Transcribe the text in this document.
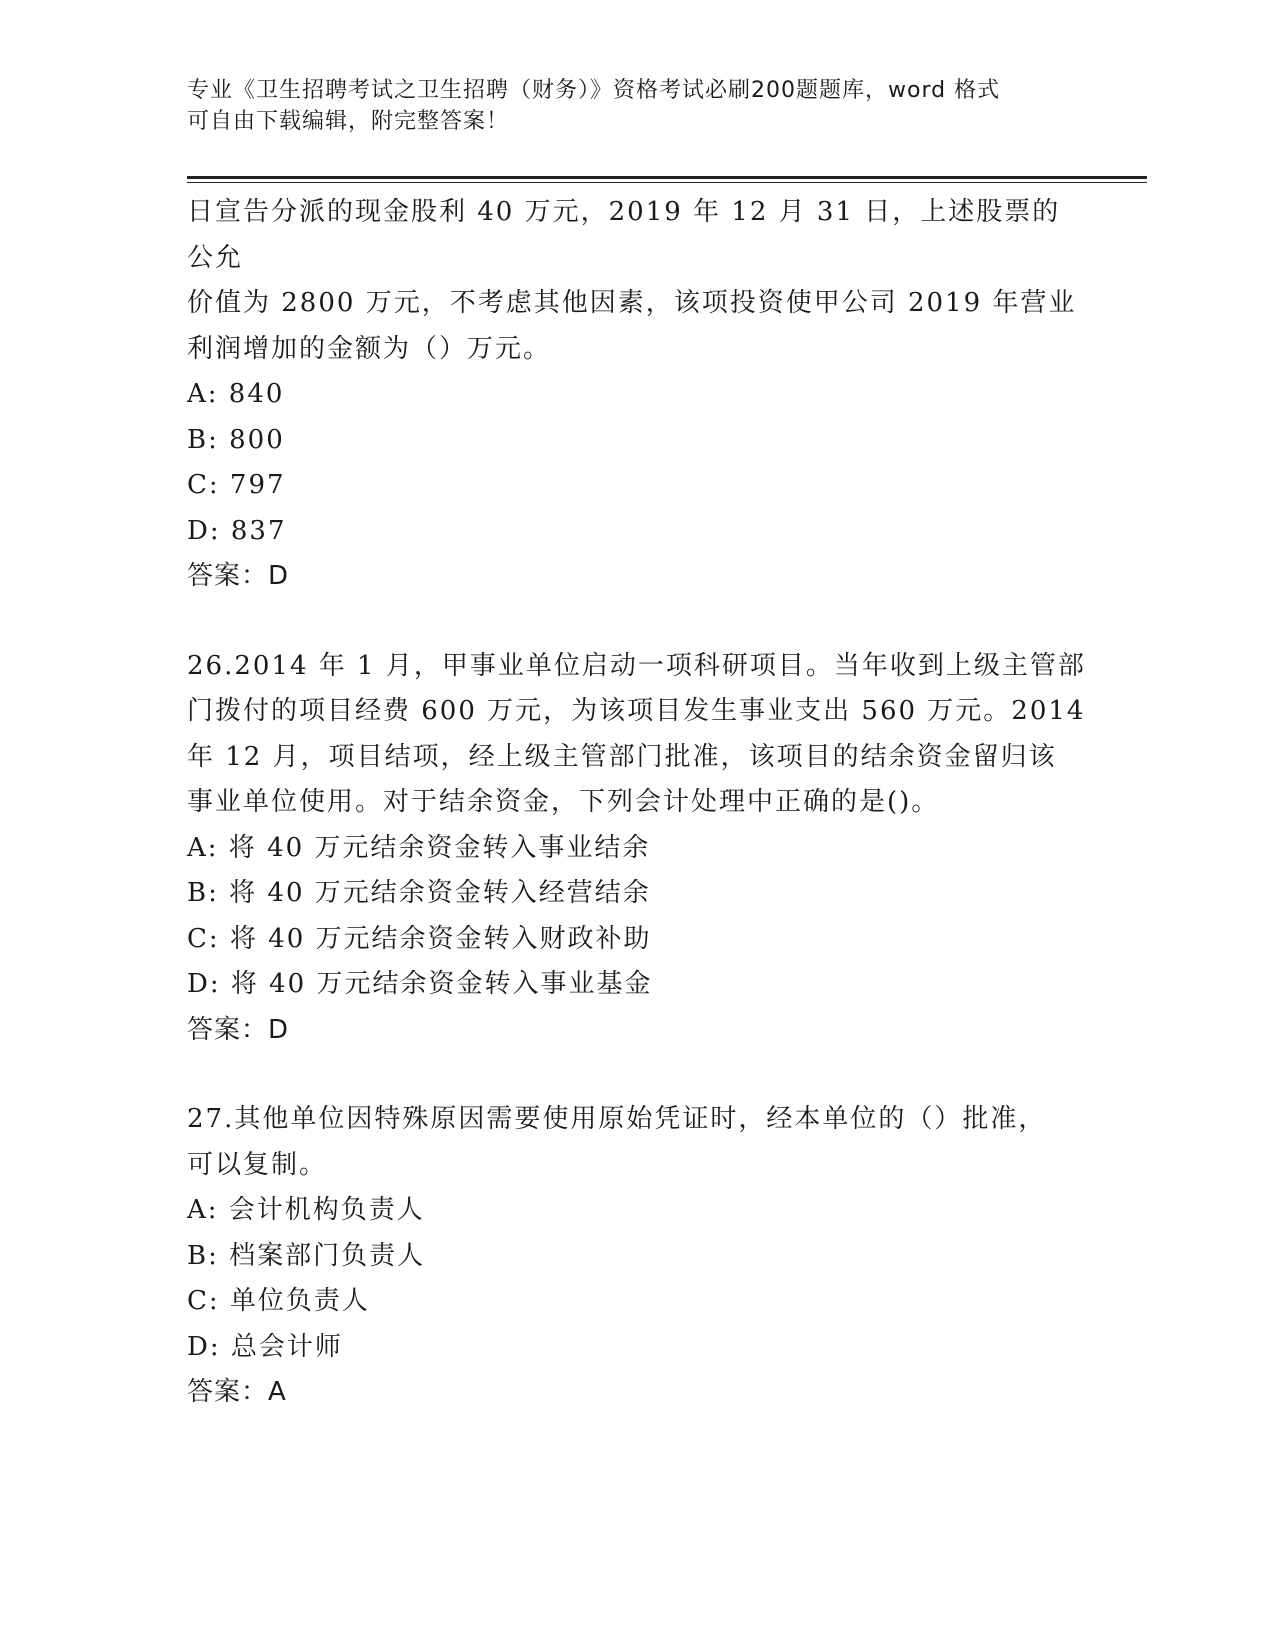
专业《卫生招聘考试之卫生招聘（财务）》资格考试必刷200题题库，word 格式
可自由下载编辑，附完整答案！
日宣告分派的现金股利 40 万元，2019 年 12 月 31 日，上述股票的公允
价值为 2800 万元，不考虑其他因素，该项投资使甲公司 2019 年营业
利润增加的金额为（）万元。
A: 840
B: 800
C: 797
D: 837
答案：D
26.2014 年 1 月，甲事业单位启动一项科研项目。当年收到上级主管部
门拨付的项目经费 600 万元，为该项目发生事业支出 560 万元。2014
年 12 月，项目结项，经上级主管部门批准，该项目的结余资金留归该
事业单位使用。对于结余资金，下列会计处理中正确的是()。
A: 将 40 万元结余资金转入事业结余
B: 将 40 万元结余资金转入经营结余
C: 将 40 万元结余资金转入财政补助
D: 将 40 万元结余资金转入事业基金
答案：D
27.其他单位因特殊原因需要使用原始凭证时，经本单位的（）批准，
可以复制。
A: 会计机构负责人
B: 档案部门负责人
C: 单位负责人
D: 总会计师
答案：A
